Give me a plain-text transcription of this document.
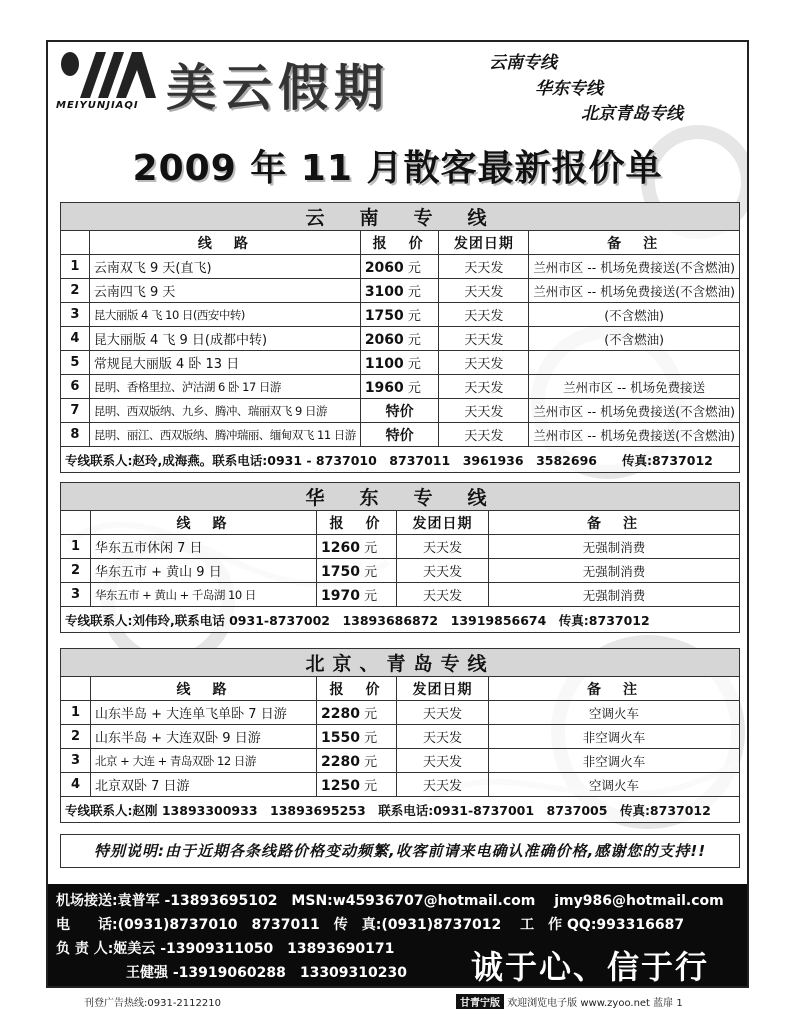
MEIYUNJIAQI 美云假期	云南专线
华东专线
北京青岛专线
2009 年 11 月散客最新报价单
云　南　专　线				
	线　路	报　价	发团日期	备　注
1	云南双飞 9 天(直飞)	2060 元	天天发	兰州市区 -- 机场免费接送(不含燃油)
2	云南四飞 9 天	3100 元	天天发	兰州市区 -- 机场免费接送(不含燃油)
3	昆大丽版 4 飞 10 日(西安中转)	1750 元	天天发	(不含燃油)
4	昆大丽版 4 飞 9 日(成都中转)	2060 元	天天发	(不含燃油)
5	常规昆大丽版 4 卧 13 日	1100 元	天天发	
6	昆明、香格里拉、泸沽湖 6 卧 17 日游	1960 元	天天发	兰州市区 -- 机场免费接送
7	昆明、西双版纳、九乡、腾冲、瑞丽双飞 9 日游	特价	天天发	兰州市区 -- 机场免费接送(不含燃油)
8	昆明、丽江、西双版纳、腾冲瑞丽、缅甸双飞 11 日游	特价	天天发	兰州市区 -- 机场免费接送(不含燃油)
专线联系人:赵玲,成海燕。联系电话:0931 - 8737010　8737011　3961936　3582696　　传真:8737012				
华　东　专　线				
	线　路	报　价	发团日期	备　注
1	华东五市休闲 7 日	1260 元	天天发	无强制消费
2	华东五市 + 黄山 9 日	1750 元	天天发	无强制消费
3	华东五市 + 黄山 + 千岛湖 10 日	1970 元	天天发	无强制消费
专线联系人:刘伟玲,联系电话 0931-8737002　13893686872　13919856674　传真:8737012				
北京、青岛专线				
	线　路	报　价	发团日期	备　注
1	山东半岛 + 大连单飞单卧 7 日游	2280 元	天天发	空调火车
2	山东半岛 + 大连双卧 9 日游	1550 元	天天发	非空调火车
3	北京 + 大连 + 青岛双卧 12 日游	2280 元	天天发	非空调火车
4	北京双卧 7 日游	1250 元	天天发	空调火车
专线联系人:赵刚 13893300933　13893695253　联系电话:0931-8737001　8737005　传真:8737012				
特别说明:由于近期各条线路价格变动频繁,收客前请来电确认准确价格,感谢您的支持!!
机场接送:袁普军 -13893695102　MSN:w45936707@hotmail.com　 jmy986@hotmail.com
电　　话:(0931)8737010　8737011　传　真:(0931)8737012　 工　作 QQ:993316687
负 责 人:姬美云 -13909311050　13893690171
　　　　　王健强 -13919060288　13309310230 诚于心、信于行
刊登广告热线:0931-2112210	甘青宁版 欢迎浏览电子版 www.zyoo.net 蓝扉 1
